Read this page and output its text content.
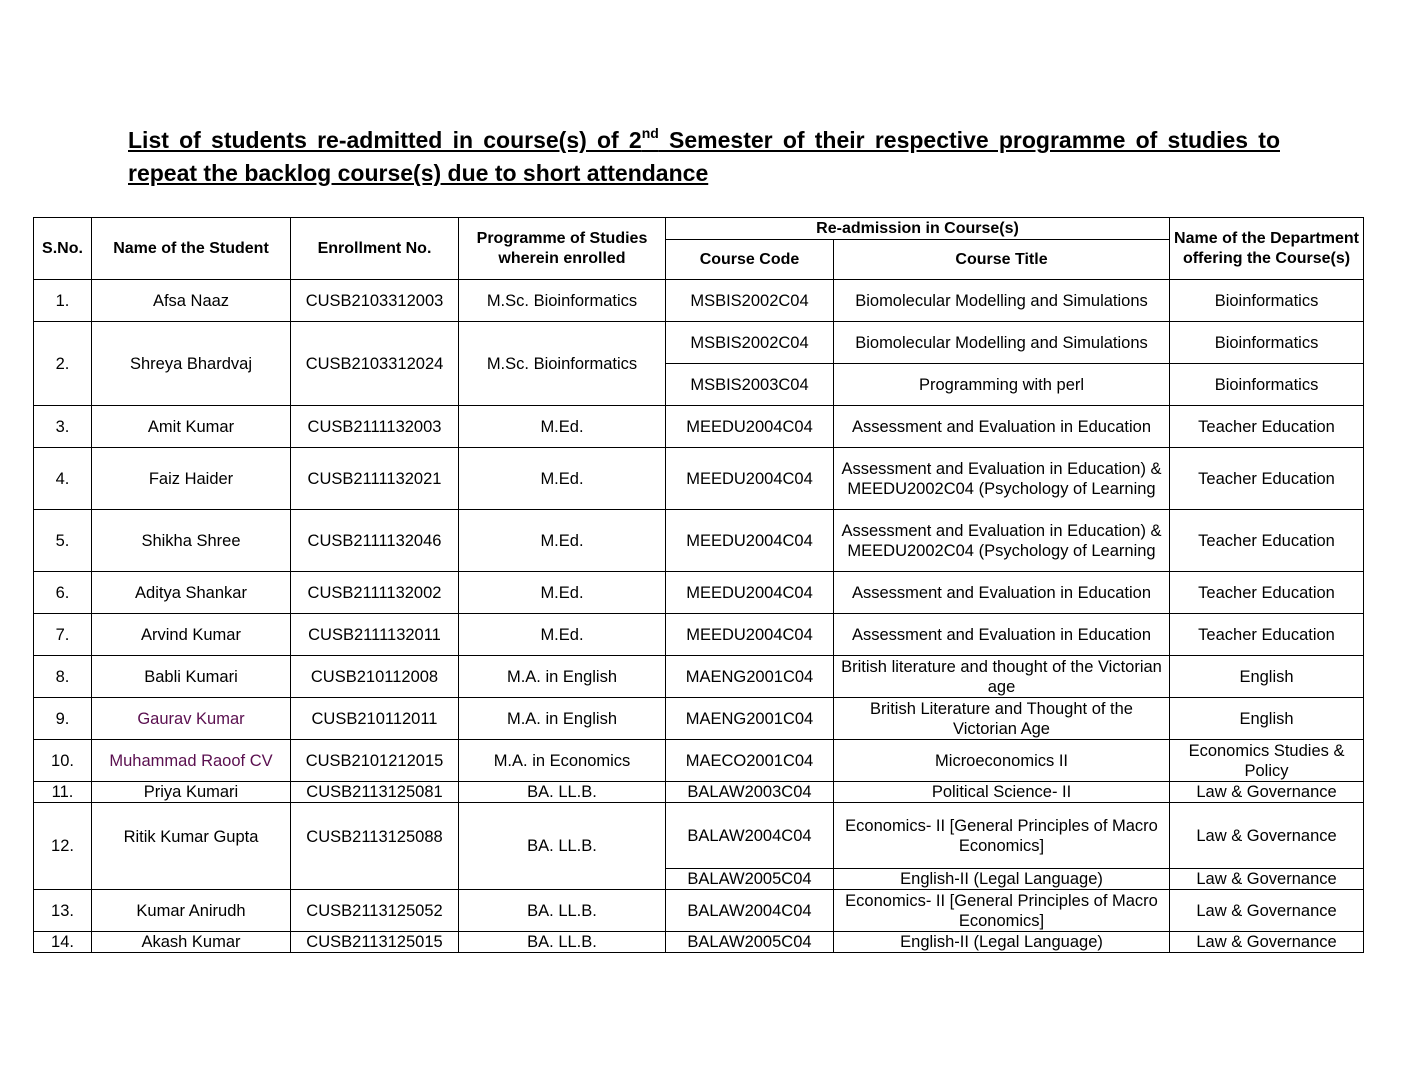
List of students re-admitted in course(s) of 2nd Semester of their respective programme of studies to repeat the backlog course(s) due to short attendance
S.No.	Name of the Student	Enrollment No.	Programme of Studies wherein enrolled	Re-admission in Course(s)		Name of the Department offering the Course(s)
				Course Code	Course Title	
1.	Afsa Naaz	CUSB2103312003	M.Sc. Bioinformatics	MSBIS2002C04	Biomolecular Modelling and Simulations	Bioinformatics
2.	Shreya Bhardvaj	CUSB2103312024	M.Sc. Bioinformatics	MSBIS2002C04	Biomolecular Modelling and Simulations	Bioinformatics
				MSBIS2003C04	Programming with perl	Bioinformatics
3.	Amit Kumar	CUSB2111132003	M.Ed.	MEEDU2004C04	Assessment and Evaluation in Education	Teacher Education
4.	Faiz Haider	CUSB2111132021	M.Ed.	MEEDU2004C04	Assessment and Evaluation in Education) & MEEDU2002C04 (Psychology of Learning	Teacher Education
5.	Shikha Shree	CUSB2111132046	M.Ed.	MEEDU2004C04	Assessment and Evaluation in Education) & MEEDU2002C04 (Psychology of Learning	Teacher Education
6.	Aditya Shankar	CUSB2111132002	M.Ed.	MEEDU2004C04	Assessment and Evaluation in Education	Teacher Education
7.	Arvind Kumar	CUSB2111132011	M.Ed.	MEEDU2004C04	Assessment and Evaluation in Education	Teacher Education
8.	Babli Kumari	CUSB210112008	M.A. in English	MAENG2001C04	British literature and thought of the Victorian age	English
9.	Gaurav Kumar	CUSB210112011	M.A. in English	MAENG2001C04	British Literature and Thought of the Victorian Age	English
10.	Muhammad Raoof CV	CUSB2101212015	M.A. in Economics	MAECO2001C04	Microeconomics II	Economics Studies & Policy
11.	Priya Kumari	CUSB2113125081	BA. LL.B.	BALAW2003C04	Political Science- II	Law & Governance
12.	Ritik Kumar Gupta	CUSB2113125088	BA. LL.B.	BALAW2004C04	Economics- II [General Principles of Macro Economics]	Law & Governance
				BALAW2005C04	English-II (Legal Language)	Law & Governance
13.	Kumar Anirudh	CUSB2113125052	BA. LL.B.	BALAW2004C04	Economics- II [General Principles of Macro Economics]	Law & Governance
14.	Akash Kumar	CUSB2113125015	BA. LL.B.	BALAW2005C04	English-II (Legal Language)	Law & Governance
